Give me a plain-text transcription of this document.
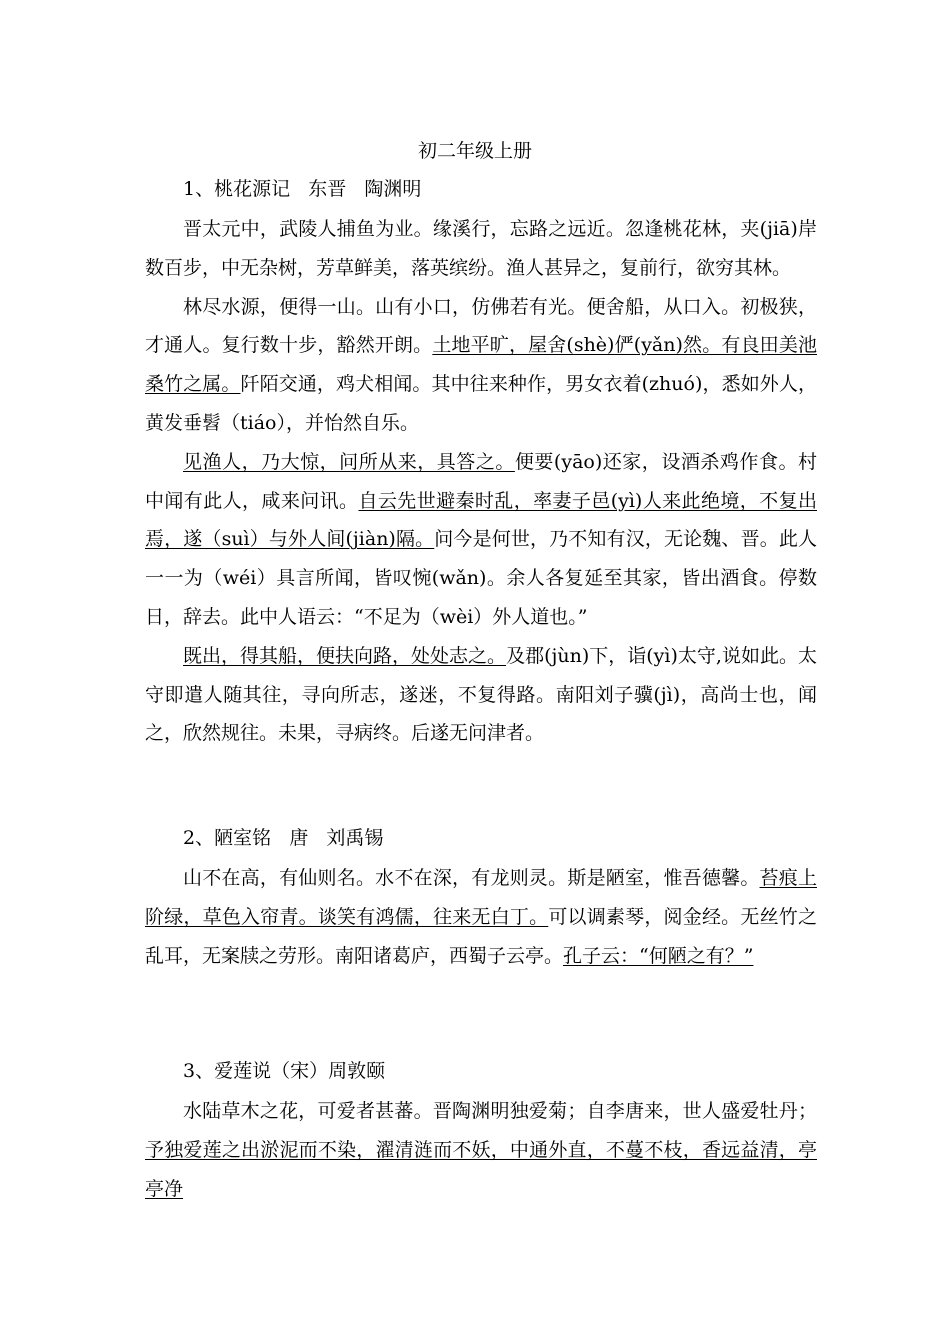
初二年级上册
1、桃花源记   东晋   陶渊明

晋太元中，武陵人捕鱼为业。缘溪行，忘路之远近。忽逢桃花林，夹(jiā)岸数百步，中无杂树，芳草鲜美，落英缤纷。渔人甚异之，复前行，欲穷其林。

林尽水源，便得一山。山有小口，仿佛若有光。便舍船，从口入。初极狭，才通人。复行数十步，豁然开朗。土地平旷，屋舍(shè)俨(yǎn)然。有良田美池桑竹之属。阡陌交通，鸡犬相闻。其中往来种作，男女衣着(zhuó)，悉如外人，黄发垂髫（tiáo），并怡然自乐。

见渔人，乃大惊，问所从来，具答之。便要(yāo)还家，设酒杀鸡作食。村中闻有此人，咸来问讯。自云先世避秦时乱，率妻子邑(yì)人来此绝境，不复出焉，遂（suì）与外人间(jiàn)隔。问今是何世，乃不知有汉，无论魏、晋。此人一一为（wéi）具言所闻，皆叹惋(wǎn)。余人各复延至其家，皆出酒食。停数日，辞去。此中人语云：“不足为（wèi）外人道也。”

既出，得其船，便扶向路，处处志之。及郡(jùn)下，诣(yì)太守,说如此。太守即遣人随其往，寻向所志，遂迷，不复得路。南阳刘子骥(jì)，高尚士也，闻之，欣然规往。未果，寻病终。后遂无问津者。

2、陋室铭   唐   刘禹锡

山不在高，有仙则名。水不在深，有龙则灵。斯是陋室，惟吾德馨。苔痕上阶绿，草色入帘青。谈笑有鸿儒，往来无白丁。可以调素琴，阅金经。无丝竹之乱耳，无案牍之劳形。南阳诸葛庐，西蜀子云亭。孔子云：“何陋之有？”

3、爱莲说（宋）周敦颐

水陆草木之花，可爱者甚蕃。晋陶渊明独爱菊；自李唐来，世人盛爱牡丹；予独爱莲之出淤泥而不染，濯清涟而不妖，中通外直，不蔓不枝，香远益清，亭亭净
